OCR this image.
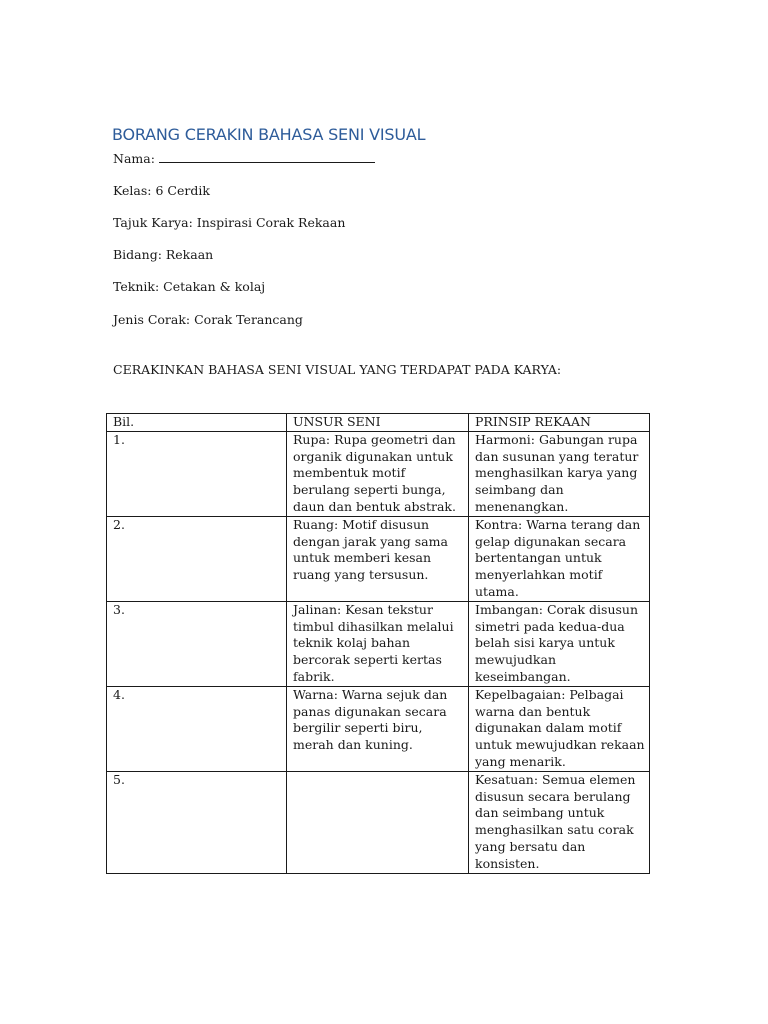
BORANG CERAKIN BAHASA SENI VISUAL
Nama:
Kelas: 6 Cerdik
Tajuk Karya: Inspirasi Corak Rekaan
Bidang: Rekaan
Teknik: Cetakan & kolaj
Jenis Corak: Corak Terancang
CERAKINKAN BAHASA SENI VISUAL YANG TERDAPAT PADA KARYA:
Bil.	UNSUR SENI	PRINSIP REKAAN
1.	Rupa: Rupa geometri dan organik digunakan untuk membentuk motif berulang seperti bunga, daun dan bentuk abstrak.	Harmoni: Gabungan rupa dan susunan yang teratur menghasilkan karya yang seimbang dan menenangkan.
2.	Ruang: Motif disusun dengan jarak yang sama untuk memberi kesan ruang yang tersusun.	Kontra: Warna terang dan gelap digunakan secara bertentangan untuk menyerlahkan motif utama.
3.	Jalinan: Kesan tekstur timbul dihasilkan melalui teknik kolaj bahan bercorak seperti kertas fabrik.	Imbangan: Corak disusun simetri pada kedua-dua belah sisi karya untuk mewujudkan keseimbangan.
4.	Warna: Warna sejuk dan panas digunakan secara bergilir seperti biru, merah dan kuning.	Kepelbagaian: Pelbagai warna dan bentuk digunakan dalam motif untuk mewujudkan rekaan yang menarik.
5.		Kesatuan: Semua elemen disusun secara berulang dan seimbang untuk menghasilkan satu corak yang bersatu dan konsisten.
